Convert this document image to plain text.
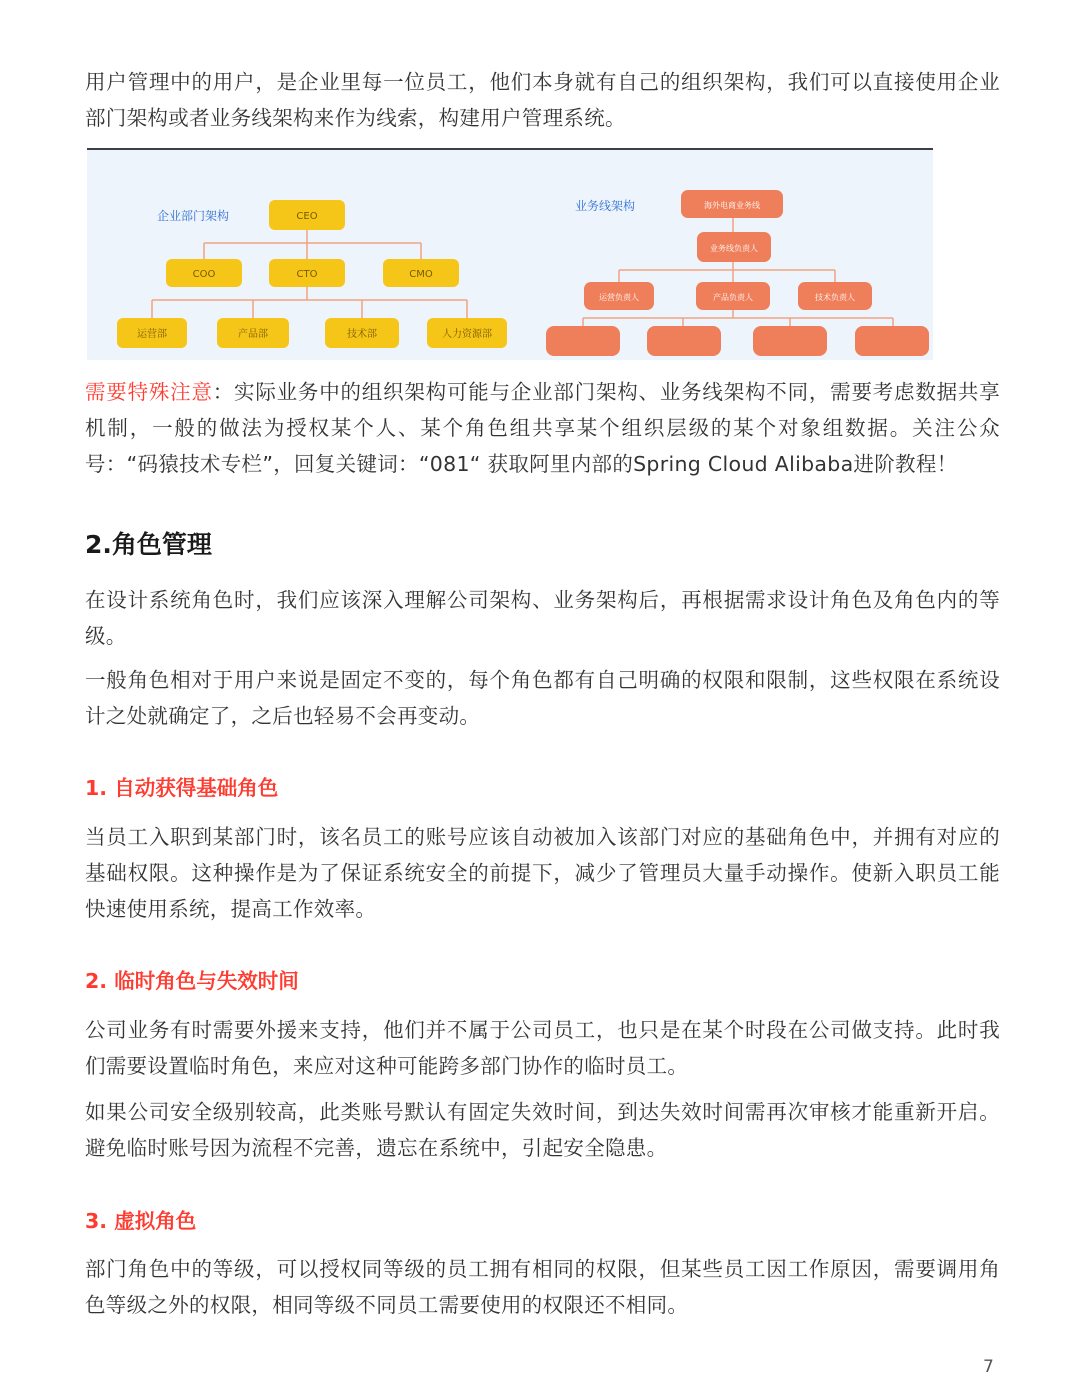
用户管理中的用户，是企业里每一位员工，他们本身就有自己的组织架构，我们可以直接使用企业部门架构或者业务线架构来作为线索，构建用户管理系统。

企业部门架构	CEO
COO	CTO	CMO
运营部	产品部	技术部	人力资源部
业务线架构	海外电商业务线
业务线负责人
运营负责人	产品负责人	技术负责人

需要特殊注意：实际业务中的组织架构可能与企业部门架构、业务线架构不同，需要考虑数据共享机制，一般的做法为授权某个人、某个角色组共享某个组织层级的某个对象组数据。关注公众号：“码猿技术专栏”，回复关键词：“081“ 获取阿里内部的Spring Cloud Alibaba进阶教程！

2.角色管理

在设计系统角色时，我们应该深入理解公司架构、业务架构后，再根据需求设计角色及角色内的等级。

一般角色相对于用户来说是固定不变的，每个角色都有自己明确的权限和限制，这些权限在系统设计之处就确定了，之后也轻易不会再变动。

1. 自动获得基础角色

当员工入职到某部门时，该名员工的账号应该自动被加入该部门对应的基础角色中，并拥有对应的基础权限。这种操作是为了保证系统安全的前提下，减少了管理员大量手动操作。使新入职员工能快速使用系统，提高工作效率。

2. 临时角色与失效时间

公司业务有时需要外援来支持，他们并不属于公司员工，也只是在某个时段在公司做支持。此时我们需要设置临时角色，来应对这种可能跨多部门协作的临时员工。

如果公司安全级别较高，此类账号默认有固定失效时间，到达失效时间需再次审核才能重新开启。避免临时账号因为流程不完善，遗忘在系统中，引起安全隐患。

3. 虚拟角色

部门角色中的等级，可以授权同等级的员工拥有相同的权限，但某些员工因工作原因，需要调用角色等级之外的权限，相同等级不同员工需要使用的权限还不相同。

7
